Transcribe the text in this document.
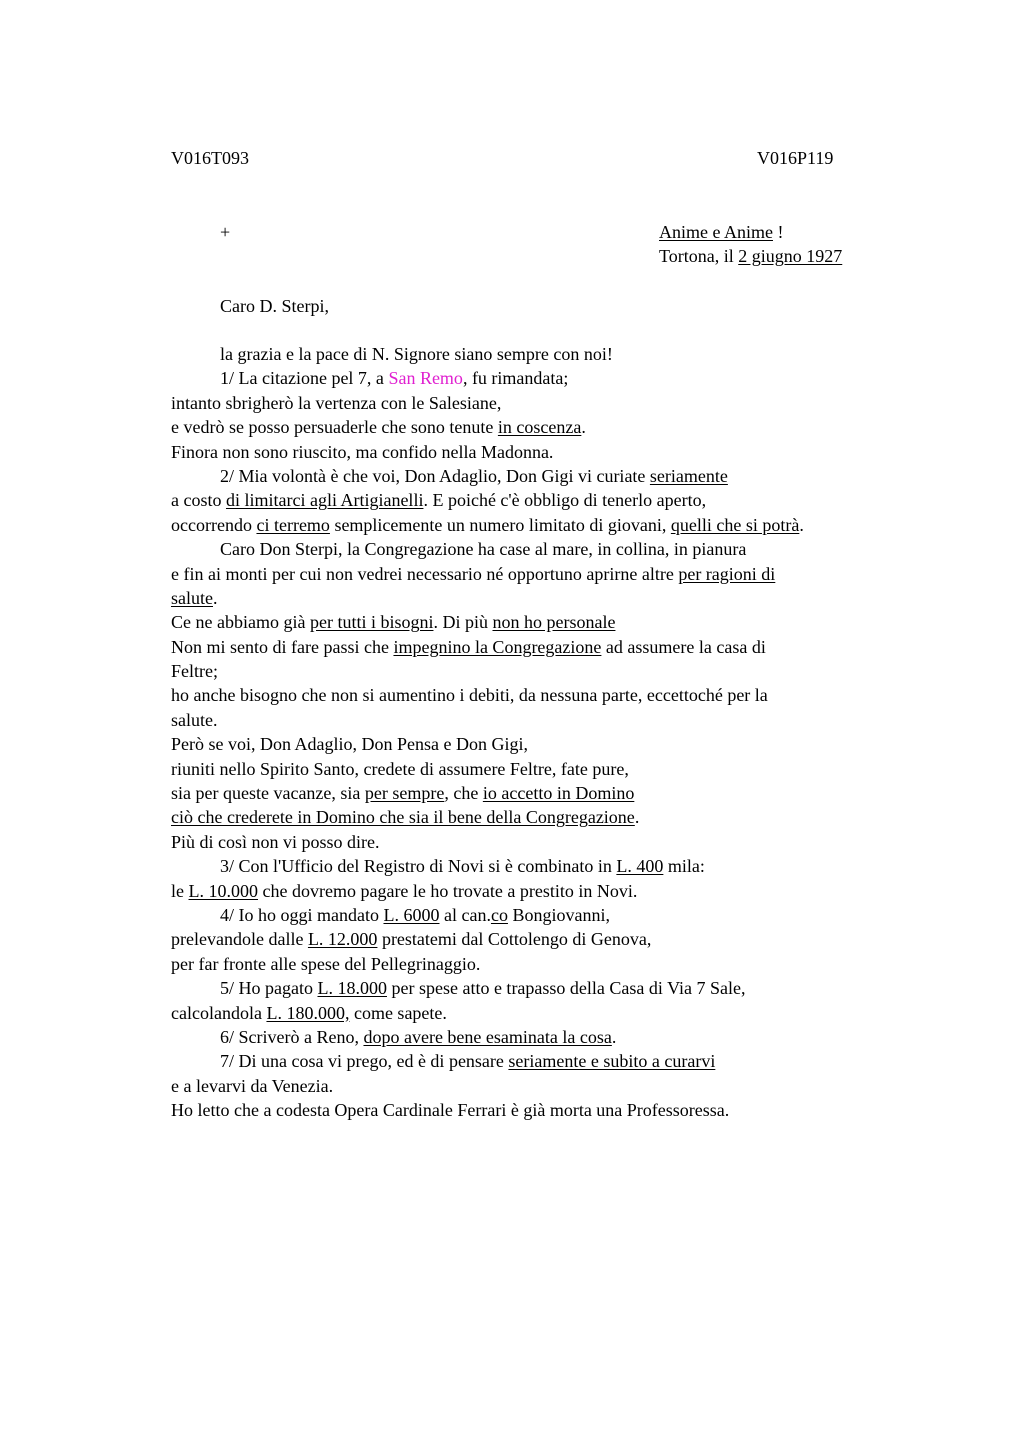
V016T093	V016P119
+	Anime e Anime !
Tortona, il 2 giugno 1927
Caro D. Sterpi,
la grazia e la pace di N. Signore siano sempre con noi!
1/ La citazione pel 7, a San Remo, fu rimandata;
intanto sbrigherò la vertenza con le Salesiane,
e vedrò se posso persuaderle che sono tenute in coscenza.
Finora non sono riuscito, ma confido nella Madonna.
2/ Mia volontà è che voi, Don Adaglio, Don Gigi vi curiate seriamente
a costo di limitarci agli Artigianelli. E poiché c'è obbligo di tenerlo aperto,
occorrendo ci terremo semplicemente un numero limitato di giovani, quelli che si potrà.
Caro Don Sterpi, la Congregazione ha case al mare, in collina, in pianura
e fin ai monti per cui non vedrei necessario né opportuno aprirne altre per ragioni di
salute.
Ce ne abbiamo già per tutti i bisogni. Di più non ho personale
Non mi sento di fare passi che impegnino la Congregazione ad assumere la casa di
Feltre;
ho anche bisogno che non si aumentino i debiti, da nessuna parte, eccettoché per la
salute.
Però se voi, Don Adaglio, Don Pensa e Don Gigi,
riuniti nello Spirito Santo, credete di assumere Feltre, fate pure,
sia per queste vacanze, sia per sempre, che io accetto in Domino
ciò che crederete in Domino che sia il bene della Congregazione.
Più di così non vi posso dire.
3/ Con l'Ufficio del Registro di Novi si è combinato in L. 400 mila:
le L. 10.000 che dovremo pagare le ho trovate a prestito in Novi.
4/ Io ho oggi mandato L. 6000 al can.co Bongiovanni,
prelevandole dalle L. 12.000 prestatemi dal Cottolengo di Genova,
per far fronte alle spese del Pellegrinaggio.
5/ Ho pagato L. 18.000 per spese atto e trapasso della Casa di Via 7 Sale,
calcolandola L. 180.000, come sapete.
6/ Scriverò a Reno, dopo avere bene esaminata la cosa.
7/ Di una cosa vi prego, ed è di pensare seriamente e subito a curarvi
e a levarvi da Venezia.
Ho letto che a codesta Opera Cardinale Ferrari è già morta una Professoressa.
